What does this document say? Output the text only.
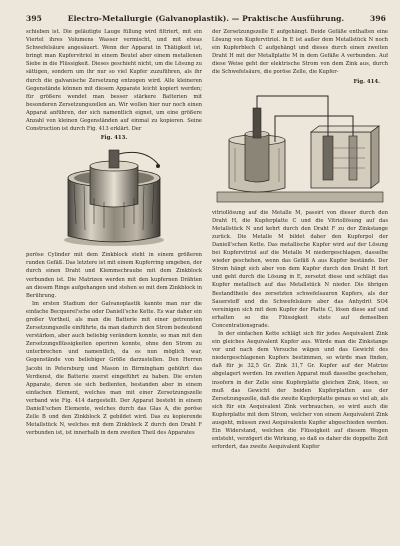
395	Electro-Metallurgie (Galvanoplastik). — Praktische Ausführung.	396

schieben ist. Die geläutigte Lauge füllung wird filtriert, mit ein Viertel ihres Volumens Wasser vermischt, und mit etwas Schwefelsäure angesäuert. Wenn der Apparat in Thätigkeit ist, bringt man Kupfervitriol in einem Beutel aber einem metallenen Siebe in die Flüssigkeit. Dieses geschieht nicht, um die Lösung zu sättigen, sondern um ihr nur so viel Kupfer zuzuführen, als ihr durch die galvanische Zersetzung entzogen wird. Alle kleineren Gegenstände können mit diesem Apparate leicht kopiert werden; für größere wendet man besser stärkere Batterien mit besonderen Zersetzungszellen an. Wir wollen hier nur noch einen Apparat anführen, der sich namentlich eignet, um eine größere Anzahl von kleinen Gegenständen auf einmal zu kopieren. Seine Construction ist durch Fig. 413 erklärt. Der

Fig. 413.

poröse Cylinder mit dem Zinkblock steht in einem größeren runden Gefäß. Das letztere ist mit einem Kupferring umgeben, der durch einen Draht und Klemmschraube mit dem Zinkblock verbunden ist. Die Matrizen werden mit den kupfernen Drähten an diesem Ringe aufgehangen und stehen so mit dem Zinkblock in Berührung.

Im ersten Stadium der Galvanoplastik kannte man nur die einfache Becquerel'sche oder Daniell'sche Kette. Es war daher ein großer Vortheil, als man die Batterie mit einer getrennten Zersetzungszelle einführte, da man dadurch den Strom bedeutend verstärken, aber auch beliebig verändern konnte, so man mit den Zersetzungsflüssigkeiten operiren konnte, ohne den Strom zu unterbrechen und namentlich, da es nun möglich war, Gegenstände von beliebiger Größe darzustellen. Den Herren Jacobi in Petersburg und Mason in Birmingham gebührt das Verdienst, die Batterie zuerst eingeführt zu haben. Die ersten Apparate, deren sie sich bedienten, bestanden aber in einem einfachen Element, welches man mit einer Zersetzungszelle verband wie Fig. 414 dargestellt. Der Apparat besteht in einem Daniell'schen Elemente, welches durch das Glas A, die poröse Zelle B und den Zinkblock Z gebildet wird. Das zu kopierende Metallstück N, welches mit dem Zinkblock Z durch den Draht F verbunden ist, ist innerhalb in dem zweiten Theil des Apparates

der Zersetzungszelle E aufgehängt. Beide Gefäße enthalten eine Lösung von Kupfervitriol. In E ist außer dem Metallstück N noch ein Kupferblech C aufgehängt und dieses durch einen zweiten Draht H mit der Metallplatte M in dem Gefäße A verbunden. Auf diese Weise geht der elektrische Strom von dem Zink aus, durch die Schwefelsäure, die poröse Zelle, die Kupfer-

Fig. 414.

vitriollösung auf die Metalle M, passirt von dieser durch den Draht H, die Kupferplatte C und die Vitriollösung auf das Metallstück N und kehrt durch den Draht F zu der Zinkstange zurück. Die Metalle M bildet daher den Kupferpol der Daniell'schen Kette. Das metallische Kupfer wird auf der Lösung bei Kupfervitriol auf die Metalle M niedergeschlagen, dasselbe wieder geschehen, wenn das Gefäß A aus Kupfer bestände. Der Strom hängt sich aber von dem Kupfer durch den Draht H fort und geht durch die Lösung in E, zersetzt diese und schlägt das Kupfer metallisch auf das Metallstück N nieder. Die übrigen Bestandtheile des zersetzten schwefelsauren Kupfers, als der Sauerstoff und die Schwefelsäure aber das Anhydrit SO4 vereinigen sich mit dem Kupfer der Platte C, lösen diese auf und erhalten so die Flüssigkeit stets auf demselben Concentrationsgrade.

In der einfachen Kette schlägt sich für jedes Aequivalent Zink ein gleiches Aequivalent Kupfer aus. Würde man die Zinkstange vor und nach dem Versuche wägen und das Gewicht des niedergeschlagenen Kupfers bestimmen, so würde man finden, daß für je 32,5 Gr. Zink 31,7 Gr. Kupfer auf der Matrize abgelagert werden. Im zweiten Apparat muß dasselbe geschehen, insofern in der Zelle eine Kupferplatte gleichen Zink, lösen, so muß das Gewicht der beiden Kupferplatten aus der Zersetzungszelle, daß die zweite Kupferplatte genau so viel ab, als sich für ein Aequivalent Zink verbrauchen, so wird auch die Kupferplatte mit dem Strom, welcher von einem Aequivalent Zink ausgeht, müssen zwei Aequivalente Kupfer abgeschieden werden. Ein Widerstand, welchen die Flüssigkeit auf diesem Wegen entsteht, verzögert die Wirkung, so daß es daher die doppelte Zeit erfordert, das zweite Aequivalent Kupfer
